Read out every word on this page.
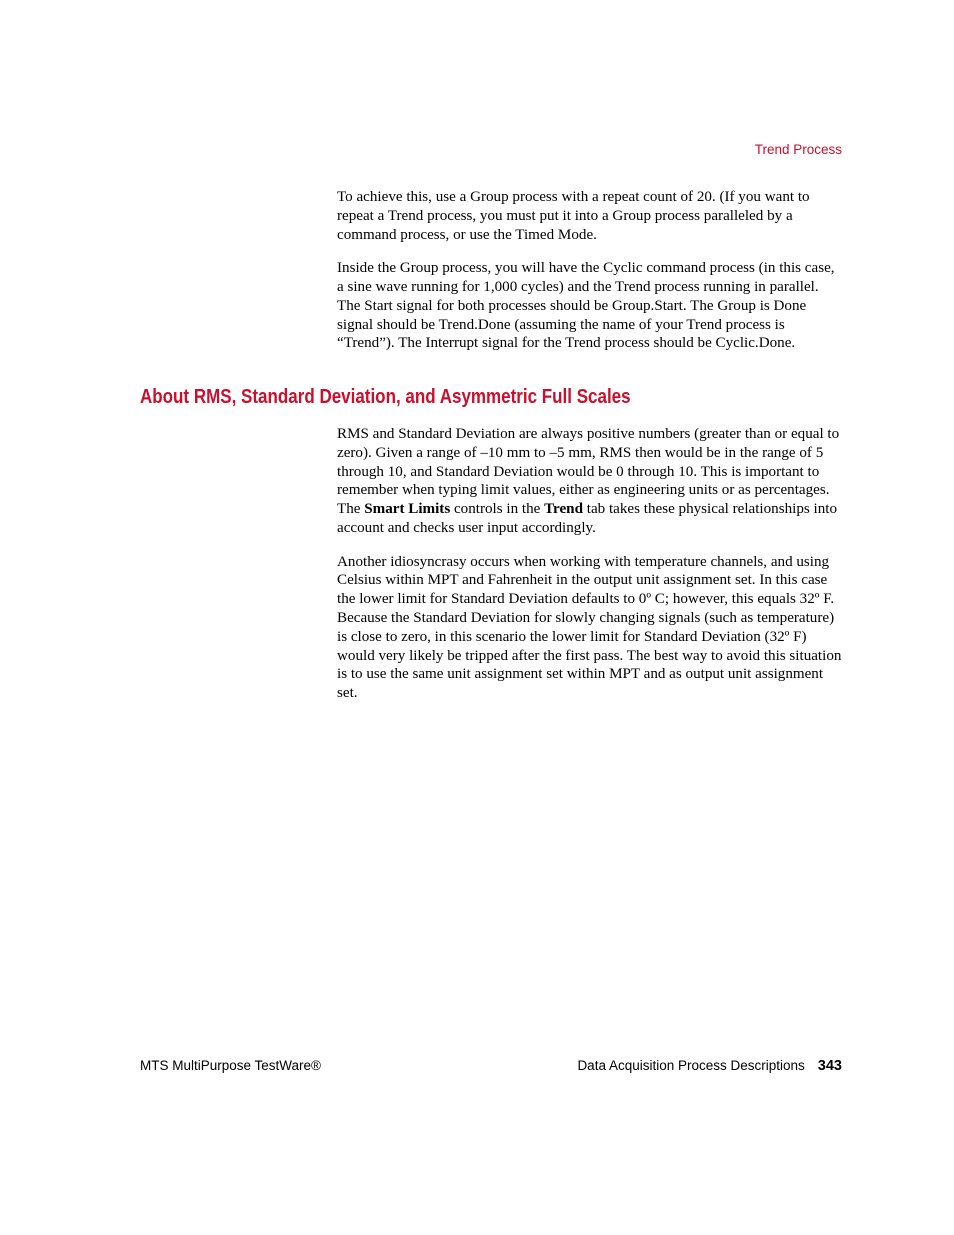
Trend Process

To achieve this, use a Group process with a repeat count of 20. (If you want to repeat a Trend process, you must put it into a Group process paralleled by a command process, or use the Timed Mode.

Inside the Group process, you will have the Cyclic command process (in this case, a sine wave running for 1,000 cycles) and the Trend process running in parallel. The Start signal for both processes should be Group.Start. The Group is Done signal should be Trend.Done (assuming the name of your Trend process is “Trend”). The Interrupt signal for the Trend process should be Cyclic.Done.

About RMS, Standard Deviation, and Asymmetric Full Scales

RMS and Standard Deviation are always positive numbers (greater than or equal to zero). Given a range of –10 mm to –5 mm, RMS then would be in the range of 5 through 10, and Standard Deviation would be 0 through 10. This is important to remember when typing limit values, either as engineering units or as percentages. The Smart Limits controls in the Trend tab takes these physical relationships into account and checks user input accordingly.

Another idiosyncrasy occurs when working with temperature channels, and using Celsius within MPT and Fahrenheit in the output unit assignment set. In this case the lower limit for Standard Deviation defaults to 0º C; however, this equals 32º F. Because the Standard Deviation for slowly changing signals (such as temperature) is close to zero, in this scenario the lower limit for Standard Deviation (32º F) would very likely be tripped after the first pass. The best way to avoid this situation is to use the same unit assignment set within MPT and as output unit assignment set.

MTS MultiPurpose TestWare®	Data Acquisition Process Descriptions 343
